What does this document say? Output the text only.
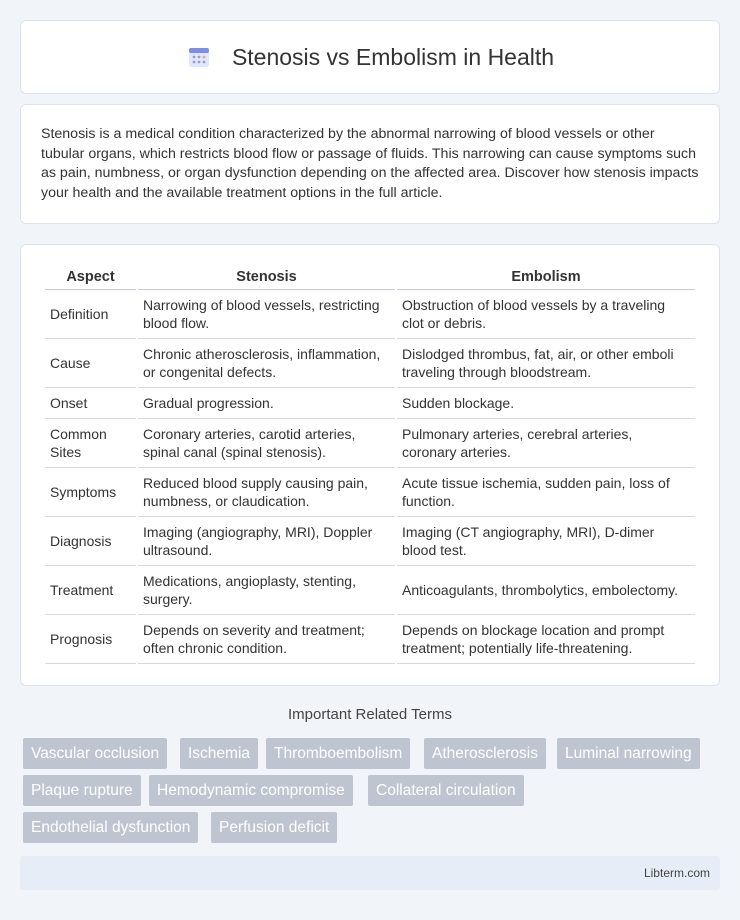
Stenosis vs Embolism in Health

Stenosis is a medical condition characterized by the abnormal narrowing of blood vessels or other tubular organs, which restricts blood flow or passage of fluids. This narrowing can cause symptoms such as pain, numbness, or organ dysfunction depending on the affected area. Discover how stenosis impacts your health and the available treatment options in the full article.

Aspect	Stenosis	Embolism
Definition	Narrowing of blood vessels, restricting blood flow.	Obstruction of blood vessels by a traveling clot or debris.
Cause	Chronic atherosclerosis, inflammation, or congenital defects.	Dislodged thrombus, fat, air, or other emboli traveling through bloodstream.
Onset	Gradual progression.	Sudden blockage.
Common Sites	Coronary arteries, carotid arteries, spinal canal (spinal stenosis).	Pulmonary arteries, cerebral arteries, coronary arteries.
Symptoms	Reduced blood supply causing pain, numbness, or claudication.	Acute tissue ischemia, sudden pain, loss of function.
Diagnosis	Imaging (angiography, MRI), Doppler ultrasound.	Imaging (CT angiography, MRI), D-dimer blood test.
Treatment	Medications, angioplasty, stenting, surgery.	Anticoagulants, thrombolytics, embolectomy.
Prognosis	Depends on severity and treatment; often chronic condition.	Depends on blockage location and prompt treatment; potentially life-threatening.
Important Related Terms
Vascular occlusion	Ischemia	Thromboembolism	Atherosclerosis	Luminal narrowing
Plaque rupture	Hemodynamic compromise	Collateral circulation
Endothelial dysfunction	Perfusion deficit
Libterm.com
